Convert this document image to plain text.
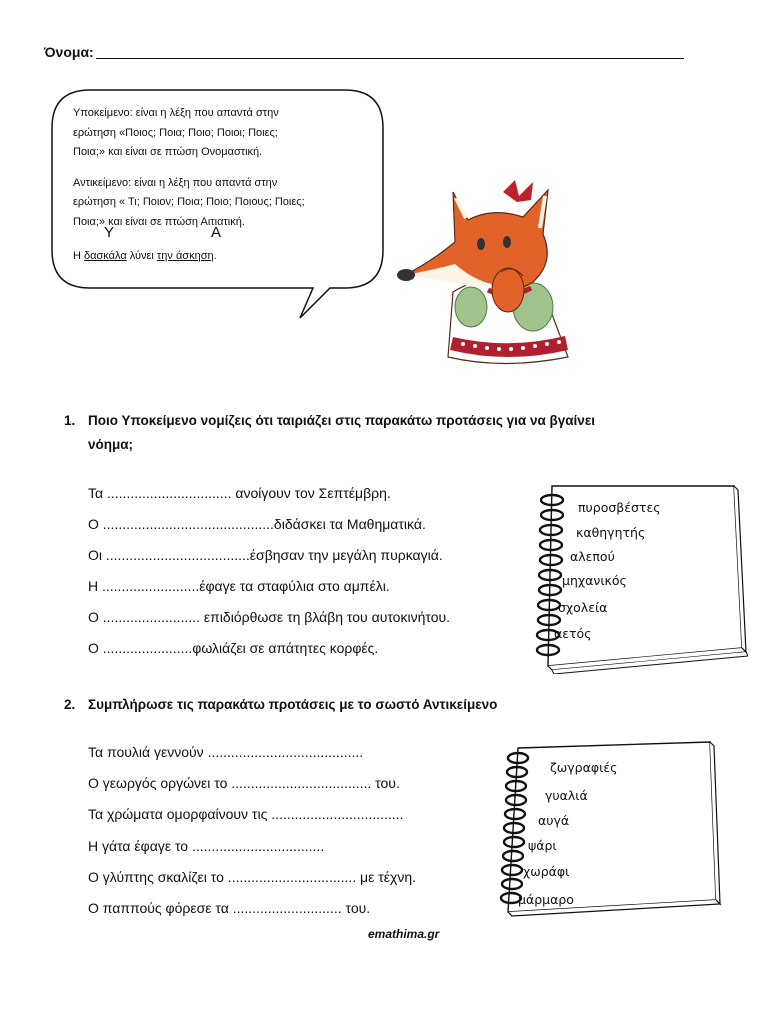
Όνομα:

Υποκείμενο: είναι η λέξη που απαντά στην
ερώτηση «Ποιος; Ποια; Ποιο; Ποιοι; Ποιες;
Ποια;» και είναι σε πτώση Ονομαστική.

Αντικείμενο: είναι η λέξη που απαντά στην
ερώτηση « Τι; Ποιον; Ποια; Ποιο; Ποιους; Ποιες;
Ποια;» και είναι σε πτώση Αιτιατική.

Η δασκάλα λύνει την άσκηση.

Υ	Α
1. Ποιο Υποκείμενο νομίζεις ότι ταιριάζει στις παρακάτω προτάσεις για να βγαίνει
νόημα;
Τα ................................ ανοίγουν τον Σεπτέμβρη.
Ο ............................................διδάσκει τα Μαθηματικά.
Οι .....................................έσβησαν την μεγάλη πυρκαγιά.
Η .........................έφαγε τα σταφύλια στο αμπέλι.
Ο ......................... επιδιόρθωσε τη βλάβη του αυτοκινήτου.
Ο .......................φωλιάζει σε απάτητες κορφές.
πυροσβέστες
καθηγητής
αλεπού
μηχανικός
σχολεία
αετός
2. Συμπλήρωσε τις παρακάτω προτάσεις με το σωστό Αντικείμενο
Τα πουλιά γεννούν ........................................
Ο γεωργός οργώνει το .................................... του.
Τα χρώματα ομορφαίνουν τις ..................................
Η γάτα έφαγε το ..................................
Ο γλύπτης σκαλίζει το ................................. με τέχνη.
Ο παππούς φόρεσε τα ............................ του.
ζωγραφιές
γυαλιά
αυγά
ψάρι
χωράφι
μάρμαρο
emathima.gr
